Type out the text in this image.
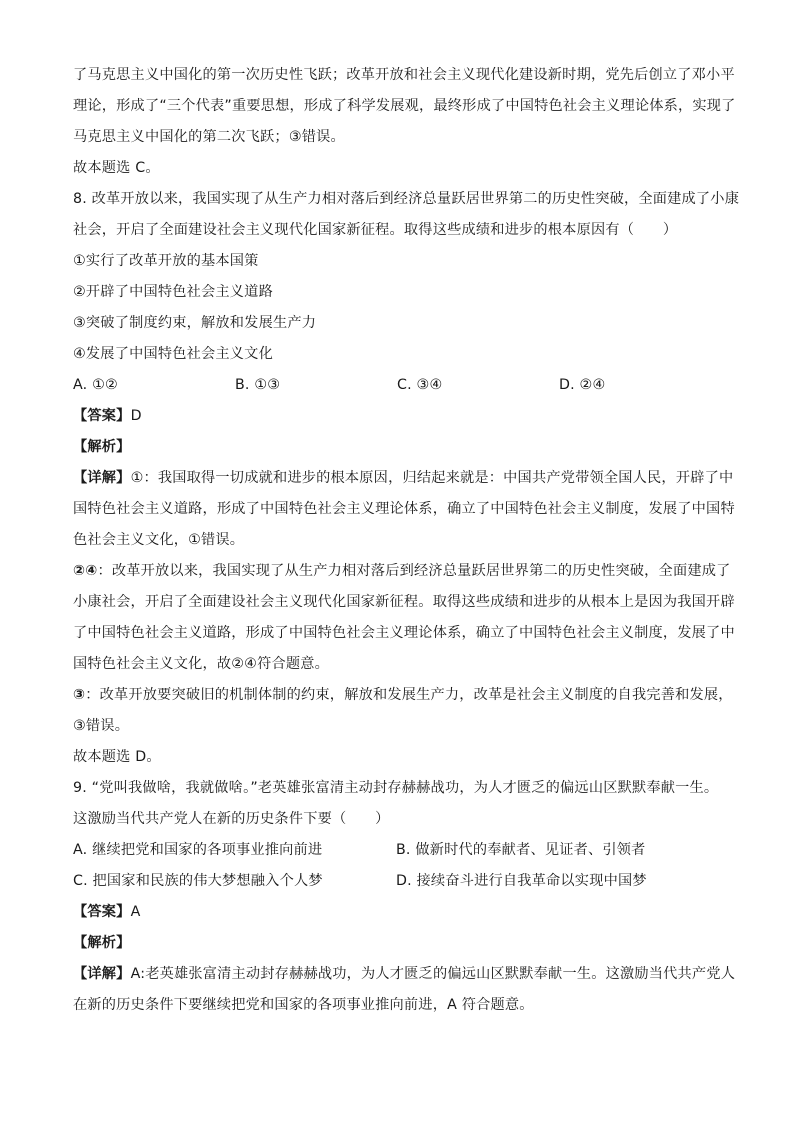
了马克思主义中国化的第一次历史性飞跃；改革开放和社会主义现代化建设新时期，党先后创立了邓小平
理论，形成了“三个代表”重要思想，形成了科学发展观，最终形成了中国特色社会主义理论体系，实现了
马克思主义中国化的第二次飞跃；③错误。
故本题选 C。
8. 改革开放以来，我国实现了从生产力相对落后到经济总量跃居世界第二的历史性突破，全面建成了小康
社会，开启了全面建设社会主义现代化国家新征程。取得这些成绩和进步的根本原因有（　　）
①实行了改革开放的基本国策
②开辟了中国特色社会主义道路
③突破了制度约束，解放和发展生产力
④发展了中国特色社会主义文化
A. ①②	B. ①③	C. ③④	D. ②④
【答案】D
【解析】
【详解】①：我国取得一切成就和进步的根本原因，归结起来就是：中国共产党带领全国人民，开辟了中
国特色社会主义道路，形成了中国特色社会主义理论体系，确立了中国特色社会主义制度，发展了中国特
色社会主义文化，①错误。
②④：改革开放以来，我国实现了从生产力相对落后到经济总量跃居世界第二的历史性突破，全面建成了
小康社会，开启了全面建设社会主义现代化国家新征程。取得这些成绩和进步的从根本上是因为我国开辟
了中国特色社会主义道路，形成了中国特色社会主义理论体系，确立了中国特色社会主义制度，发展了中
国特色社会主义文化，故②④符合题意。
③：改革开放要突破旧的机制体制的约束，解放和发展生产力，改革是社会主义制度的自我完善和发展，
③错误。
故本题选 D。
9. “党叫我做啥，我就做啥。”老英雄张富清主动封存赫赫战功，为人才匮乏的偏远山区默默奉献一生。
这激励当代共产党人在新的历史条件下要（　　）
A. 继续把党和国家的各项事业推向前进	B. 做新时代的奉献者、见证者、引领者
C. 把国家和民族的伟大梦想融入个人梦	D. 接续奋斗进行自我革命以实现中国梦
【答案】A
【解析】
【详解】A:老英雄张富清主动封存赫赫战功，为人才匮乏的偏远山区默默奉献一生。这激励当代共产党人
在新的历史条件下要继续把党和国家的各项事业推向前进，A 符合题意。
